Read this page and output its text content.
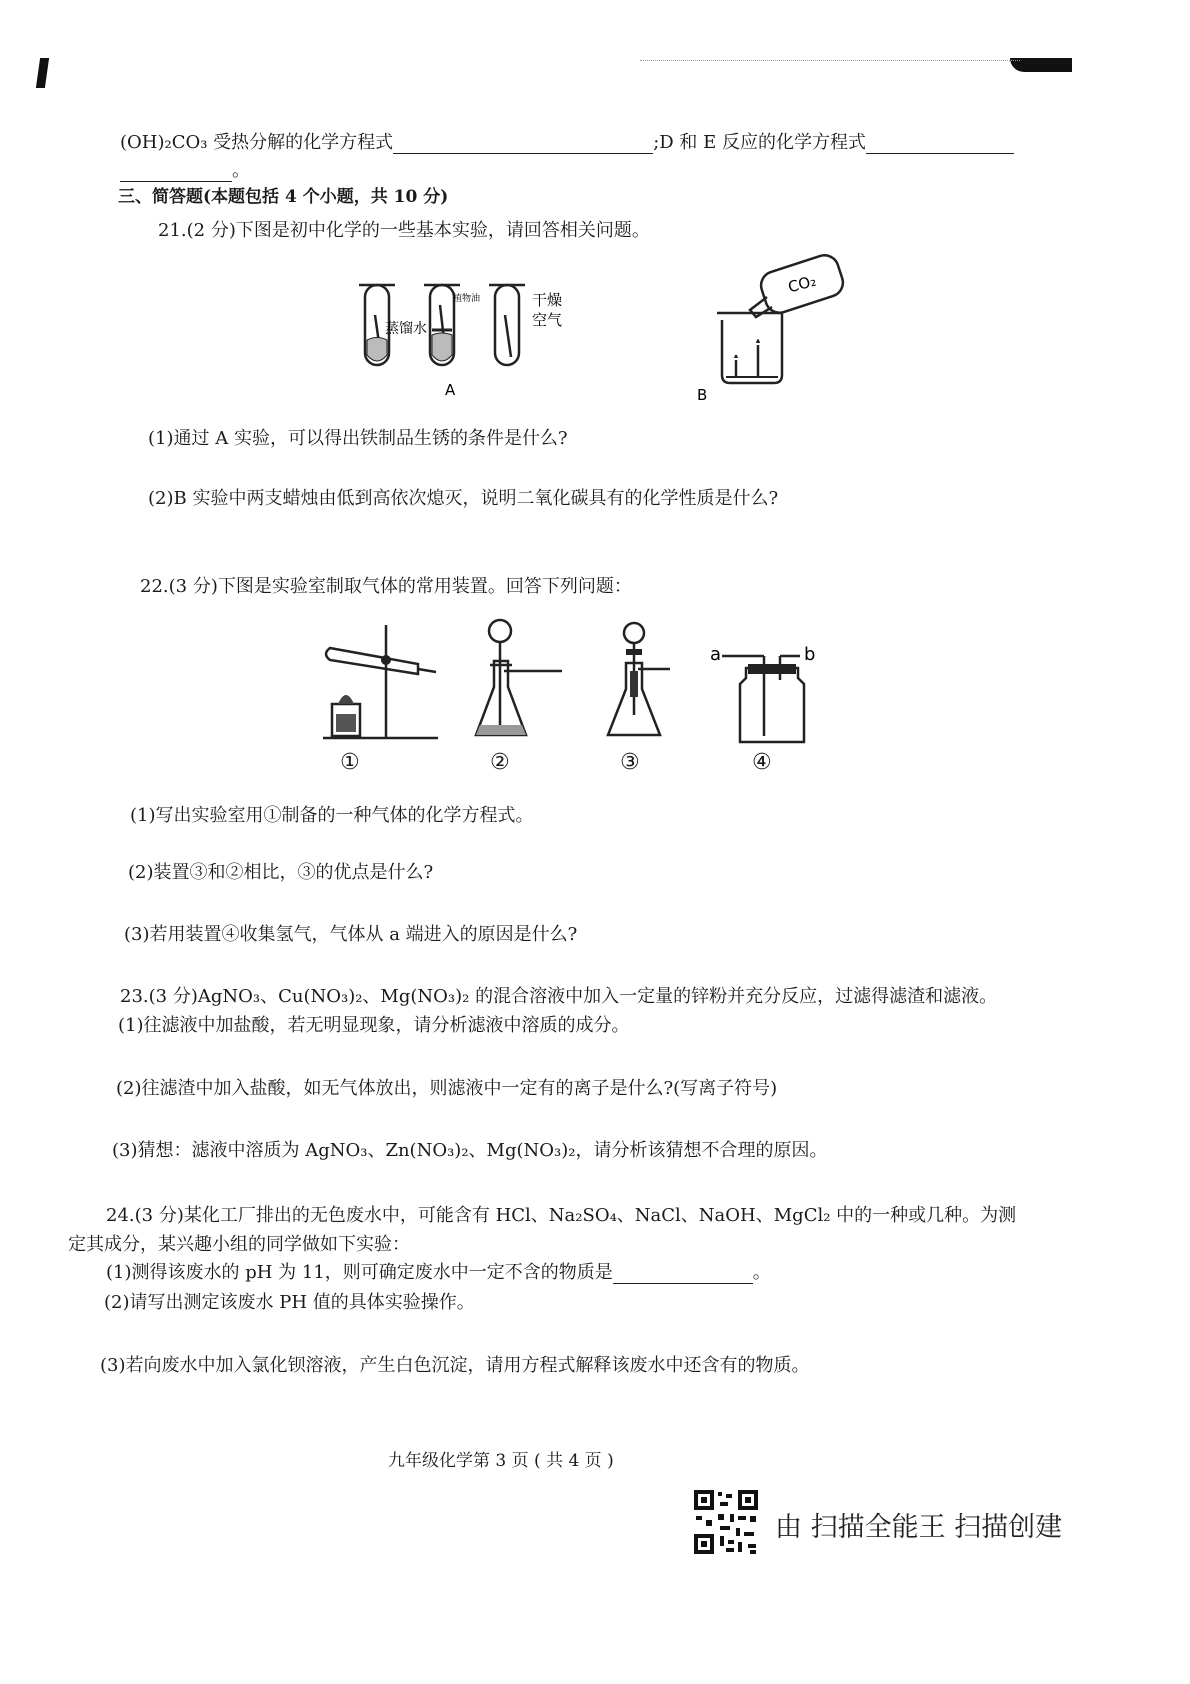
(OH)₂CO₃ 受热分解的化学方程式	;D 和 E 反应的化学方程式
。
三、简答题(本题包括 4 个小题，共 10 分)
21.(2 分)下图是初中化学的一些基本实验，请回答相关问题。
蒸馏水
植物油	干燥
空气
A
CO₂
B
(1)通过 A 实验，可以得出铁制品生锈的条件是什么?
(2)B 实验中两支蜡烛由低到高依次熄灭，说明二氧化碳具有的化学性质是什么?
22.(3 分)下图是实验室制取气体的常用装置。回答下列问题：
①	②	③
a	b
④
(1)写出实验室用①制备的一种气体的化学方程式。
(2)装置③和②相比，③的优点是什么?
(3)若用装置④收集氢气，气体从 a 端进入的原因是什么?
23.(3 分)AgNO₃、Cu(NO₃)₂、Mg(NO₃)₂ 的混合溶液中加入一定量的锌粉并充分反应，过滤得滤渣和滤液。
(1)往滤液中加盐酸，若无明显现象，请分析滤液中溶质的成分。
(2)往滤渣中加入盐酸，如无气体放出，则滤液中一定有的离子是什么?(写离子符号)
(3)猜想：滤液中溶质为 AgNO₃、Zn(NO₃)₂、Mg(NO₃)₂，请分析该猜想不合理的原因。
24.(3 分)某化工厂排出的无色废水中，可能含有 HCl、Na₂SO₄、NaCl、NaOH、MgCl₂ 中的一种或几种。为测
定其成分，某兴趣小组的同学做如下实验：
(1)测得该废水的 pH 为 11，则可确定废水中一定不含的物质是	。
(2)请写出测定该废水 PH 值的具体实验操作。
(3)若向废水中加入氯化钡溶液，产生白色沉淀，请用方程式解释该废水中还含有的物质。
九年级化学第 3 页 ( 共 4 页 )
由 扫描全能王 扫描创建
